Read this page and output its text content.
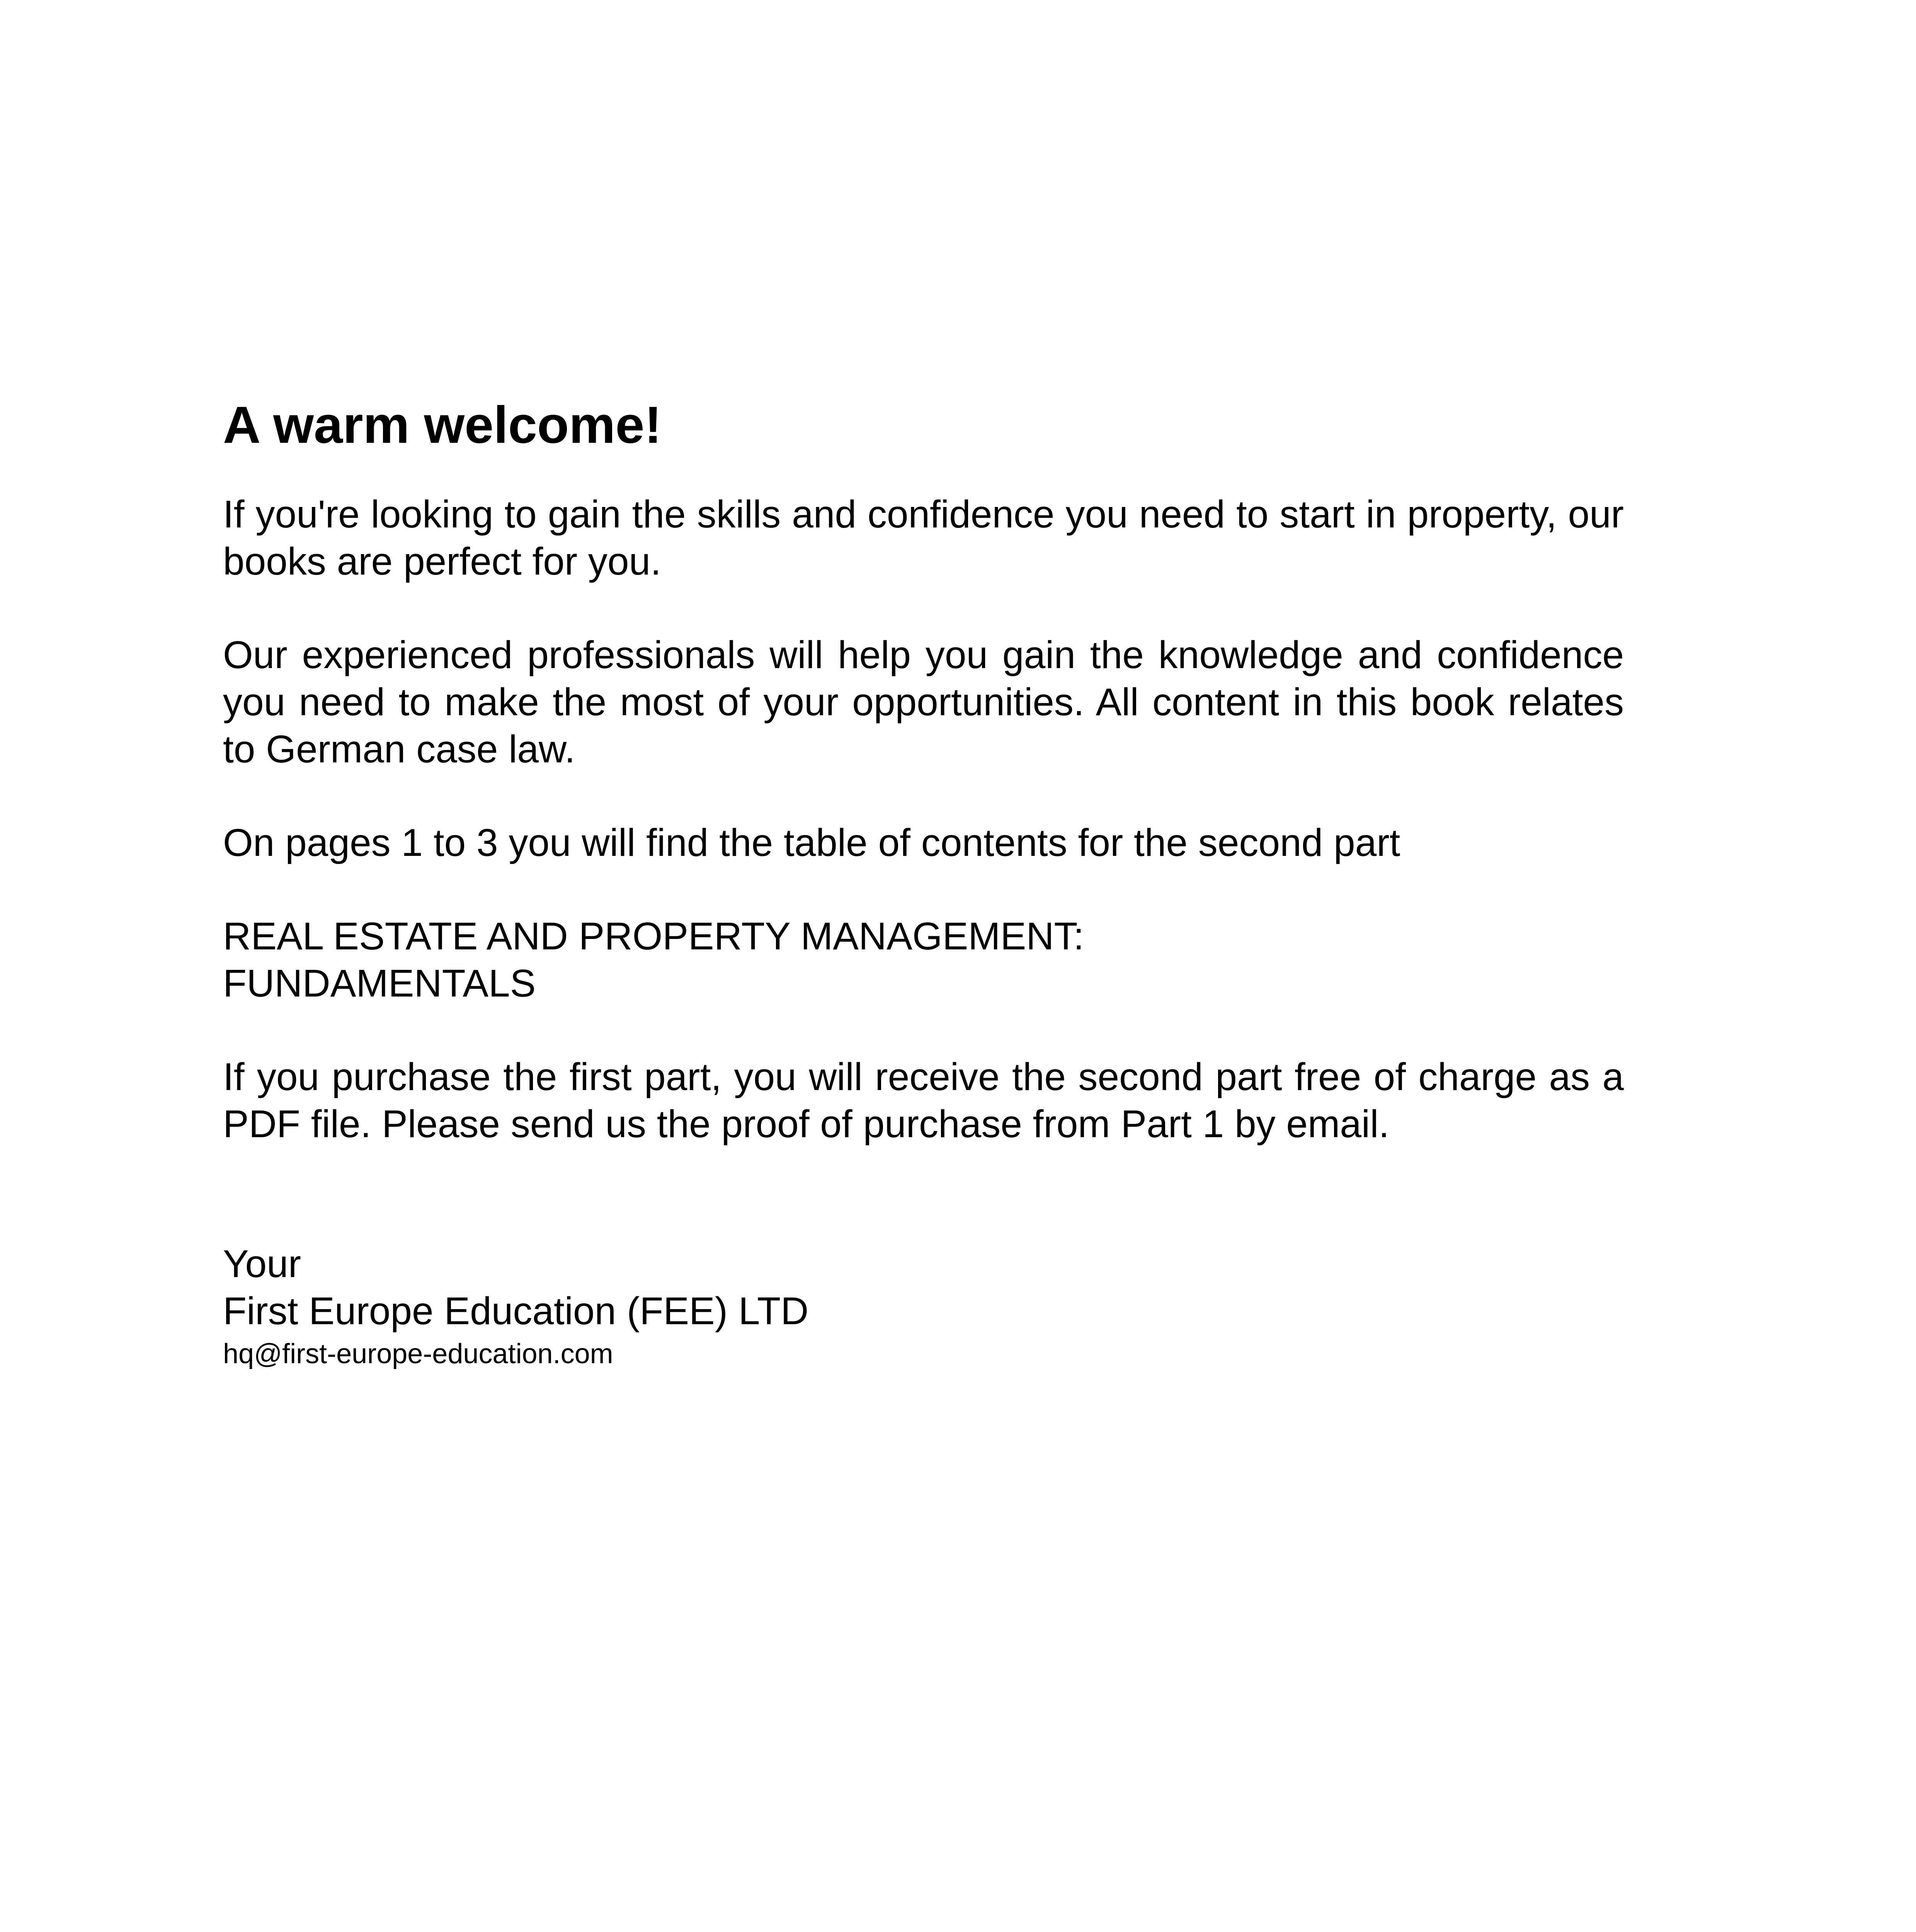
A warm welcome!

If you're looking to gain the skills and confidence you need to start in property, our books are perfect for you.

Our experienced professionals will help you gain the knowledge and confidence you need to make the most of your opportunities. All content in this book relates to German case law.

On pages 1 to 3 you will find the table of contents for the second part

REAL ESTATE AND PROPERTY MANAGEMENT:
FUNDAMENTALS

If you purchase the first part, you will receive the second part free of charge as a PDF file. Please send us the proof of purchase from Part 1 by email.

Your
First Europe Education (FEE) LTD
hq@first-europe-education.com
